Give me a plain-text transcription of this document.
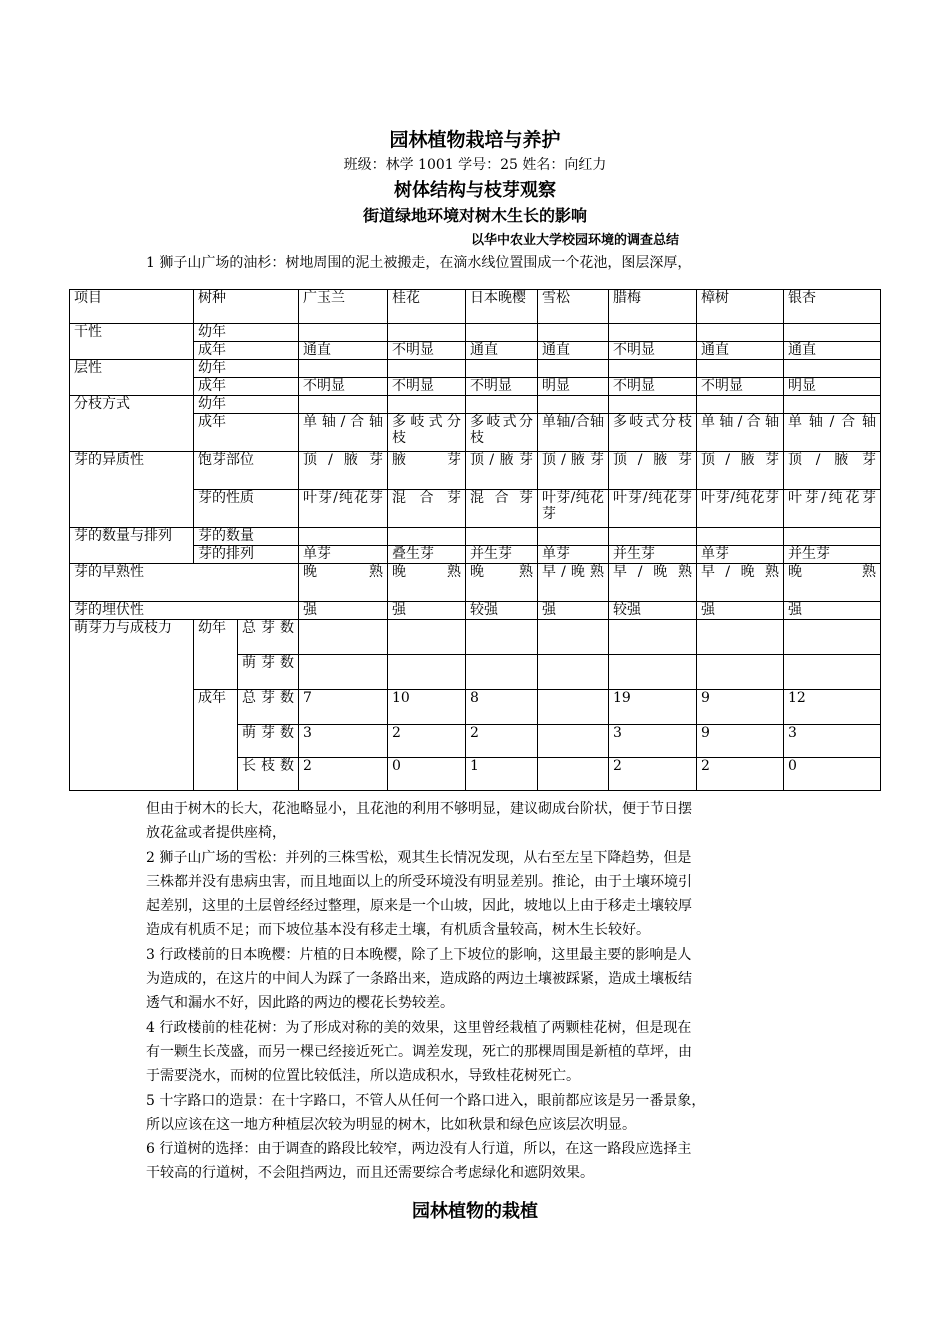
园林植物栽培与养护
班级：林学 1001 学号：25 姓名：向红力
树体结构与枝芽观察
街道绿地环境对树木生长的影响
以华中农业大学校园环境的调查总结
1 狮子山广场的油杉：树地周围的泥土被搬走，在滴水线位置围成一个花池，图层深厚，
项目	树种		广玉兰	桂花	日本晚樱	雪松	腊梅	樟树	银杏
干性	幼年								
	成年		通直	不明显	通直	通直	不明显	通直	通直
层性	幼年								
	成年		不明显	不明显	不明显	明显	不明显	不明显	明显
分枝方式	幼年								
	成年		单轴/合轴	多岐式分枝	多岐式分枝	单轴/合轴	多岐式分枝	单轴/合轴	单轴/合轴
芽的异质性	饱芽部位		顶/腋芽	腋芽	顶/腋芽	顶/腋芽	顶/腋芽	顶/腋芽	顶/腋芽
	芽的性质		叶芽/纯花芽	混合芽	混合芽	叶芽/纯花芽	叶芽/纯花芽	叶芽/纯花芽	叶芽/纯花芽
芽的数量与排列	芽的数量								
	芽的排列		单芽	叠生芽	并生芽	单芽	并生芽	单芽	并生芽
芽的早熟性			晚熟	晚熟	晚熟	早/晚熟	早/晚熟	早/晚熟	晚熟
芽的埋伏性			强	强	较强	强	较强	强	强
萌芽力与成枝力	幼年	总芽数							
		萌芽数							
	成年	总芽数	7	10	8		19	9	12
		萌芽数	3	2	2		3	9	3
		长枝数	2	0	1		2	2	0

但由于树木的长大，花池略显小，且花池的利用不够明显，建议砌成台阶状，便于节日摆

放花盆或者提供座椅，

2 狮子山广场的雪松：并列的三株雪松，观其生长情况发现，从右至左呈下降趋势，但是

三株都并没有患病虫害，而且地面以上的所受环境没有明显差别。推论，由于土壤环境引

起差别，这里的土层曾经经过整理，原来是一个山坡，因此，坡地以上由于移走土壤较厚

造成有机质不足；而下坡位基本没有移走土壤，有机质含量较高，树木生长较好。

3 行政楼前的日本晚樱：片植的日本晚樱，除了上下坡位的影响，这里最主要的影响是人

为造成的，在这片的中间人为踩了一条路出来，造成路的两边土壤被踩紧，造成土壤板结

透气和漏水不好，因此路的两边的樱花长势较差。

4 行政楼前的桂花树：为了形成对称的美的效果，这里曾经栽植了两颗桂花树，但是现在

有一颗生长茂盛，而另一棵已经接近死亡。调差发现，死亡的那棵周围是新植的草坪，由

于需要浇水，而树的位置比较低洼，所以造成积水，导致桂花树死亡。

5 十字路口的造景：在十字路口，不管人从任何一个路口进入，眼前都应该是另一番景象，

所以应该在这一地方种植层次较为明显的树木，比如秋景和绿色应该层次明显。

6 行道树的选择：由于调查的路段比较窄，两边没有人行道，所以，在这一路段应选择主

干较高的行道树，不会阻挡两边，而且还需要综合考虑绿化和遮阴效果。

园林植物的栽植
